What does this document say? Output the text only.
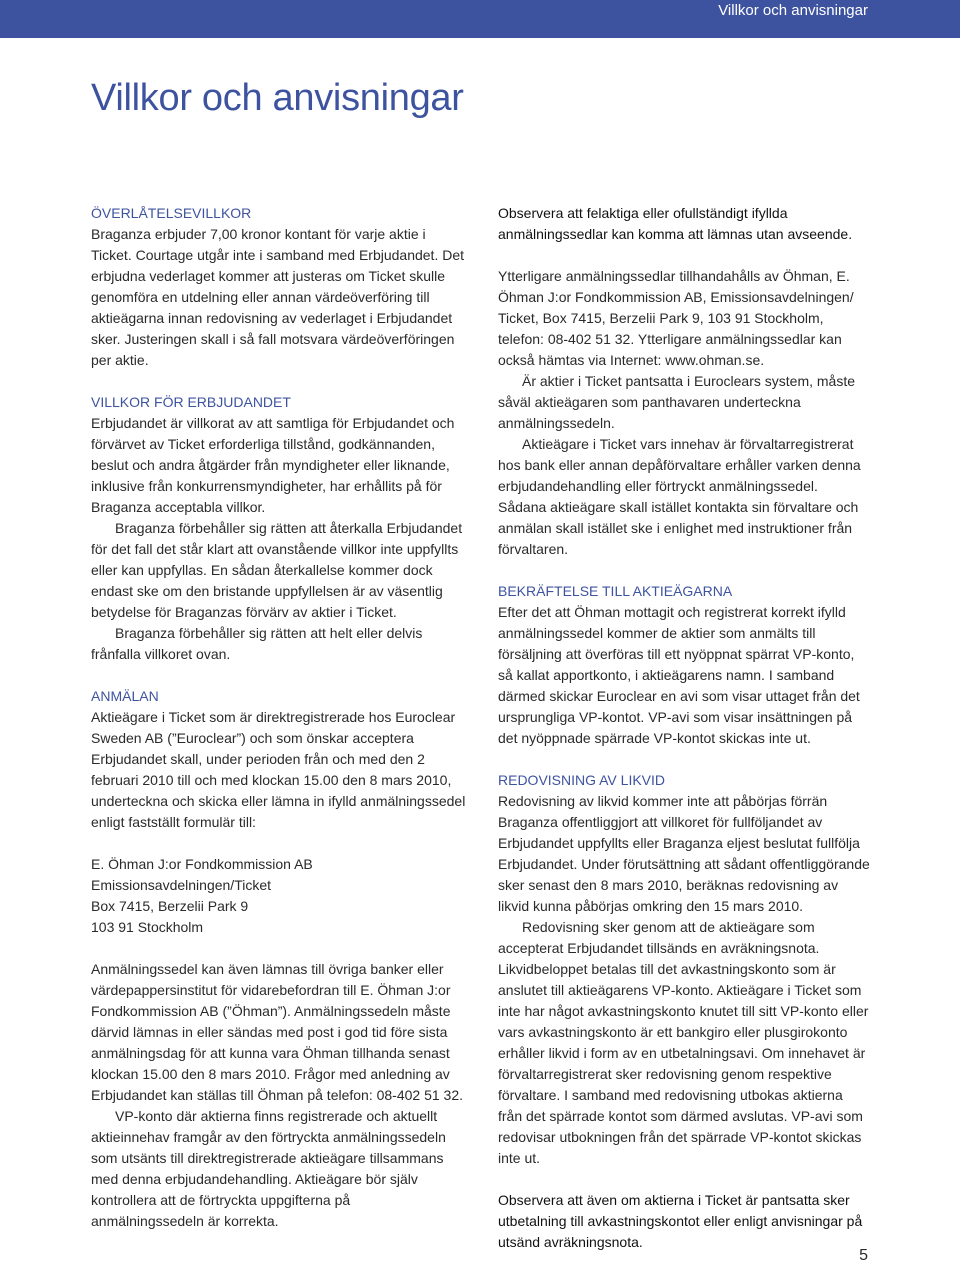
Villkor och anvisningar
Villkor och anvisningar
ÖVERLÅTELSEVILLKOR

Braganza erbjuder 7,00 kronor kontant för varje aktie i Ticket. Courtage utgår inte i samband med Erbjudandet. Det erbjudna vederlaget kommer att justeras om Ticket skulle genomföra en utdelning eller annan värdeöverföring till aktieägarna innan redovisning av vederlaget i Erbjudandet sker. Justeringen skall i så fall motsvara värdeöverföringen per aktie.

VILLKOR FÖR ERBJUDANDET

Erbjudandet är villkorat av att samtliga för Erbjudandet och förvärvet av Ticket erforderliga tillstånd, godkännanden, beslut och andra åtgärder från myndigheter eller liknande, inklusive från konkurrensmyndigheter, har erhållits på för Braganza acceptabla villkor.

Braganza förbehåller sig rätten att återkalla Erbjudandet för det fall det står klart att ovanstående villkor inte uppfyllts eller kan uppfyllas. En sådan återkallelse kommer dock endast ske om den bristande uppfyllelsen är av väsentlig betydelse för Braganzas förvärv av aktier i Ticket.

Braganza förbehåller sig rätten att helt eller delvis frånfalla villkoret ovan.

ANMÄLAN

Aktieägare i Ticket som är direktregistrerade hos Euroclear Sweden AB (”Euroclear”) och som önskar acceptera Erbjudandet skall, under perioden från och med den 2 februari 2010 till och med klockan 15.00 den 8 mars 2010, underteckna och skicka eller lämna in ifylld anmälningssedel enligt fastställt formulär till:

E. Öhman J:or Fondkommission AB

Emissionsavdelningen/Ticket

Box 7415, Berzelii Park 9

103 91 Stockholm

Anmälningssedel kan även lämnas till övriga banker eller värdepappersinstitut för vidarebefordran till E. Öhman J:or Fondkommission AB (”Öhman”). Anmälningssedeln måste därvid lämnas in eller sändas med post i god tid före sista anmälningsdag för att kunna vara Öhman tillhanda senast klockan 15.00 den 8 mars 2010. Frågor med anledning av Erbjudandet kan ställas till Öhman på telefon: 08-402 51 32.

VP-konto där aktierna finns registrerade och aktuellt aktieinnehav framgår av den förtryckta anmälningssedeln som utsänts till direktregistrerade aktieägare tillsammans med denna erbjudandehandling. Aktieägare bör själv kontrollera att de förtryckta uppgifterna på anmälningssedeln är korrekta.

Observera att felaktiga eller ofullständigt ifyllda anmälningssedlar kan komma att lämnas utan avseende.

Ytterligare anmälningssedlar tillhandahålls av Öhman, E. Öhman J:or Fondkommission AB, Emissionsavdelningen/ Ticket, Box 7415, Berzelii Park 9, 103 91 Stockholm, telefon: 08-402 51 32. Ytterligare anmälningssedlar kan också hämtas via Internet: www.ohman.se.

Är aktier i Ticket pantsatta i Euroclears system, måste såväl aktieägaren som panthavaren underteckna anmälningssedeln.

Aktieägare i Ticket vars innehav är förvaltarregistrerat hos bank eller annan depåförvaltare erhåller varken denna erbjudandehandling eller förtryckt anmälningssedel. Sådana aktieägare skall istället kontakta sin förvaltare och anmälan skall istället ske i enlighet med instruktioner från förvaltaren.

BEKRÄFTELSE TILL AKTIEÄGARNA

Efter det att Öhman mottagit och registrerat korrekt ifylld anmälningssedel kommer de aktier som anmälts till försäljning att överföras till ett nyöppnat spärrat VP-konto, så kallat apportkonto, i aktieägarens namn. I samband därmed skickar Euroclear en avi som visar uttaget från det ursprungliga VP-kontot. VP-avi som visar insättningen på det nyöppnade spärrade VP-kontot skickas inte ut.

REDOVISNING AV LIKVID

Redovisning av likvid kommer inte att påbörjas förrän Braganza offentliggjort att villkoret för fullföljandet av Erbjudandet uppfyllts eller Braganza eljest beslutat fullfölja Erbjudandet. Under förutsättning att sådant offentliggörande sker senast den 8 mars 2010, beräknas redovisning av likvid kunna påbörjas omkring den 15 mars 2010.

Redovisning sker genom att de aktieägare som accepterat Erbjudandet tillsänds en avräkningsnota. Likvidbeloppet betalas till det avkastningskonto som är anslutet till aktieägarens VP-konto. Aktieägare i Ticket som inte har något avkastningskonto knutet till sitt VP-konto eller vars avkastningskonto är ett bankgiro eller plusgirokonto erhåller likvid i form av en utbetalningsavi. Om innehavet är förvaltarregistrerat sker redovisning genom respektive förvaltare. I samband med redovisning utbokas aktierna från det spärrade kontot som därmed avslutas. VP-avi som redovisar utbokningen från det spärrade VP-kontot skickas inte ut.

Observera att även om aktierna i Ticket är pantsatta sker utbetalning till avkastningskontot eller enligt anvisningar på utsänd avräkningsnota.

5
